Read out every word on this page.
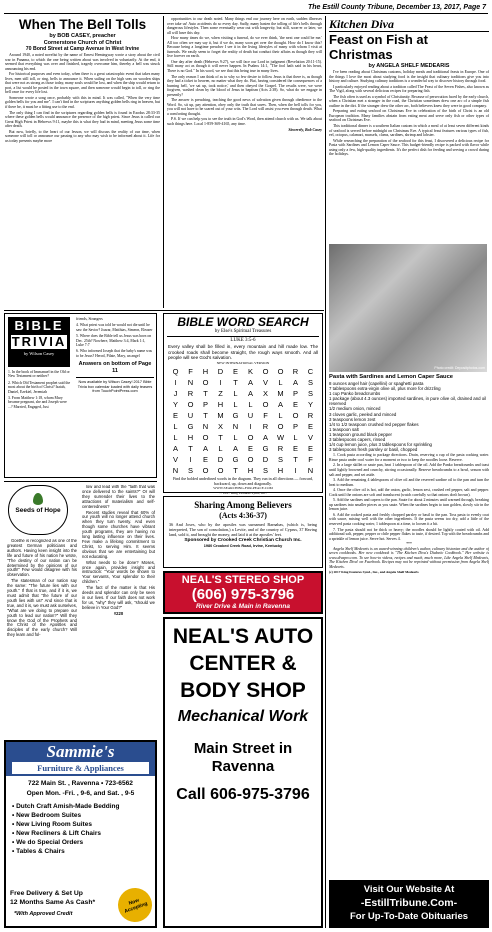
The Estill County Tribune, December 13, 2017, Page 7
When The Bell Tolls
by BOB CASEY, preacher
Cornerstone Church of Christ
70 Bond Street at Camp Avenue in West Irvine

Around 1940, a noted novelist by the name of Ernest Hemingway wrote a story about the civil war in Panama, to which the one being written about was involved in voluntarily. At the end, it seemed that everything was over and finished, tragedy overcame him, thereby a bell was struck announcing his end.

For historical purposes and even today, when there is a great catastrophic event that takes many lives, men still toll, or ring, bells to announce it. When sailing on the high seas on wooden ships that were not as strong as those today, many souls would be lost, and when the ship would return to port, a list would be posted in the town square, and then someone would begin to toll, or ring the bell once for every life lost.

Someone wrote a song once, probably with this in mind. It was called, "When the very time golden bells for you and me". I can't find in the scriptures anything golden bells ring in heaven, but if there be, it must be a fitting use to the end.

The only thing I can find in the scriptures regarding golden bells is found in Exodus 28:33-35 where these golden bells would announce the presence of the high priest. Since Jesus is called our Great High Priest in Hebrews 9:11, maybe this is what they had in mind, meeting Jesus some time after death.

But now, briefly, to the heart of our lesson, we will discuss the reality of our time, when someone will toll or announce our passing to any who may wish to be informed about it. Life for us today presents maybe more

opportunities to our death noted. Many things end our journey here on earth, sudden illnesses over take us! Auto accidents do so every day. Sadly, many hasten the tolling of life's bells through dangerous lifestyles. Then some eventually wear out with longevity, but still, soon-er or later, we all will have this day.

How many times do we, when visiting a funeral, do we ever think, 'the next one could be me.' All too often we may say it, but if we do, many soon get over the thought. How do I know this? Because being a longtime preacher I see it in the living lifestyles of many with whom I visit at funerals. We easily seem to forget the reality of death but conduct their affairs as though they will live forever on earth.

One day after death (Hebrews 9:27), we will face our Lord in judgment (Revelation 20:11-15). Still many act as though it will never happen. In Psalms 14:1, "The fool hath said in his heart, There is no God." In his word, we see that this being true in many lives.

The only reason I can think of as to why so few desire to follow Jesus is that there is, as though they had a ticket to heaven, no matter what they do. But, having considered the consequences of a burning hell, 'we sat up, took notice,' and then obeyed the Gospel. The results were, we were forgiven, washed clean by the blood of Jesus in baptism (Acts 2:38). So, what do we engage in presently?

The answer is preaching, teaching the good news of salvation given through obedience to the Word. So, sit up, pay attention, obey only the truth that saves. Then, when the bell tolls for you, you will not have to be scared out of your wits. The Lord will assist you even through death. What a comforting thought.

P.S. If we can help you to see the truth in God's Word, then attend church with us. We talk about such things here. Local 1-859-369-4165, any time.

Sincerely, Bob Casey
BIBLE
TRIVIA
by Wilson Casey
1. In the book of Immanuel in the Old or New Testament or neither?
2. Which Old Testament prophet said the most about the birth of Christ? Isaiah, Daniel, Ezekiel, Jeremiah
3. From Matthew 1:18, whom Mary became pregnant, she and Joseph were ...? Married, Engaged, Just
friends, Strangers
4. What priest was told he would not die until he saw the Savior? Joazar, Matthias, Simeon, Eleazer
5. Where does the Bible tell us Jesus was born on Dec. 25th? Nowhere, Matthew 3:4, Mark 1:1, Luke 7:7
6. Who informed Joseph that the baby's name was to be Jesus? Herod, Pilate, Mary, an angel
Answers on bottom of Page 11
Now available by Wilson Casey! 2017 Bible Trivia box calendar loaded with daily teasers from TouchPointPress.com
Seeds of Hope

Goethe is recognized as one of the greatest German politicians and authors. Having keen insight into the life and future of his nation he wrote, "The destiny of our nation can be determined by the opinions of our youth!" Few would disagree with his observation.

The statesman of our nation say the same: "The future lies with our youth." If that is true, and if it is, we must admit that "the future of our youth lies with us!" And since that is true, and it is, we must ask ourselves, "What are we doing to prepare our youth to lead our nation?" Will they know the God of the Prophets and the Christ of the Apostles and disciples of the early church? Will they learn and fol-

low and lead with the "faith that was once delivered to the saints?" Or will they surrender their lives to the attractions of materialism and self-centeredness?

Recent studies reveal that 60% of our youth will no longer attend church when they turn twenty. And even though some churches have vibrant youth programs, they are having no long lasting influence on their lives. Few make a lifelong commitment to Christ, to serving Him. It seems obvious that we are entertaining but not educating.

What needs to be done? Moses, once again, provides insight and instruction: "Your words be shown to Your servants, Your splendor to their children."

The fact of the matter is that His deeds and splendor can only be seen in our lives. If our faith does not work for us, "why" they will ask, "should we believe in Your God?"

#220
BIBLE WORD SEARCH
by Else's Spiritual Treasures
LUKE 3:5-6
Every valley shall be filled in, every mountain and hill made low. The crooked roads shall become straight, the rough ways smooth. And all people will see God's salvation.
NEW INTERNATIONAL VERSION
Q	F	H	D	E	K	O	O	R	C
I	N	O	I	T	A	V	L	A	S
J	R	T	Z	L	A	X	M	P	S
Y	O	P	H	L	L	O	A	E	Y
E	U	T	M	G	U	F	L	O	R
L	G	N	X	N	I	R	O	P	E
L	H	O	T	L	O	A	W	L	V
A	T	A	L	A	E	G	R	E	E
V	I	E	D	G	O	D	S	T	F
N	S	O	O	T	H	S	H	I	N
Find the bolded underlined words in the diagram. They run in all directions — forward, backward, up, down and diagonally.
WWW.SEARCHING-FOR-PEACE.COM
© 2017 King Features Synd., Inc.
Sharing Among Believers
(Acts 4:36-37)
36 And Joses, who by the apostles was surnamed Barnabas, (which is, being interpreted, The son of consolation,) a Levite, and of the country of Cyprus, 37 Having land, sold it, and brought the money, and laid it at the apostles' feet.
Sponsored by Crooked Creek Christian Church Inc.
1980 Crooked Creek Road, Irvine, Kentucky
NEAL'S STEREO SHOP
(606) 975-3796
River Drive & Main in Ravenna
Sammie's
Furniture & Appliances
722 Main St. , Ravenna • 723-6562
Open Mon. -Fri. , 9-6, and Sat. , 9-5
• Dutch Craft Amish-Made Bedding
• New Bedroom Suites
• New Living Room Suites
• New Recliners & Lift Chairs
• We do Special Orders
• Tables & Chairs
Free Delivery & Set Up
12 Months Same As Cash*
*With Approved Credit
Now Accepting
NEAL'S AUTO
CENTER &
BODY SHOP
Mechanical Work
Main Street in Ravenna
Call 606-975-3796
Kitchen Diva
Feast on Fish at Christmas
by ANGELA SHELF MEDEARIS

I've been reading about Christmas customs, holiday meals and traditional feasts in Europe. One of the things I love the most about studying food is the insight that culinary traditions give you into history and culture. Studying culinary traditions is a wonderful way to discover history through food.

I particularly enjoyed reading about a tradition called The Feast of the Seven Fishes, also known as The Vigil, along with several delicious recipes for preparing fish.

The fish often is used as a symbol of Christianity. Because of persecution faced by the early church, when a Christian met a stranger in the road, the Christian sometimes drew one arc of a simple fish outline in the dirt. If the stranger drew the other arc, both believers knew they were in good company.

Preparing and eating seafood on Christmas Eve in celebration of the birth of Christ is an old European tradition. Many families abstain from eating meat and serve only fish or other types of seafood on Christmas Eve.

This traditional dinner is a southern Italian custom in which a meal of at least seven different kinds of seafood is served before midnight on Christmas Eve. A typical feast features various types of fish, eel, octopus, calamari, mussels, clams, sardines, shrimp and lobster.

While researching the preparation of the seafood for this feast, I discovered a delicious recipe for Pasta with Sardines and Lemon Caper Sauce. This budget-friendly recipe is packed with flavor while using only a few, high-quality ingredients. It's the perfect dish for feeding and serving a crowd during the holidays.

Photo credit: Depositphotos.com
Pasta with Sardines and Lemon Caper Sauce
8 ounces angel hair (capellini) or spaghetti pasta
7 tablespoons extra-virgin olive oil, plus more for drizzling
1 cup Panko breadcrumbs
1 package (about 4.3 ounces) imported sardines, in pure olive oil, drained and oil reserved
1/2 medium onion, minced
3 cloves garlic, peeled and minced
3 teaspoons lemon zest
1/4 to 1/2 teaspoon crushed red pepper flakes
1 teaspoon salt
1 teaspoon ground black pepper
3 tablespoons capers, rinsed
1/4 cup lemon juice, plus 3 tablespoons for sprinkling
3 tablespoons fresh parsley or basil, chopped

1. Cook pasta according to package directions. Drain, reserving a cup of the pasta cooking water. Rinse pasta under cool water for a moment or two to keep the noodles loose. Reserve.

2. In a large skillet or saute pan, heat 1 tablespoon of the oil. Add the Panko breadcrumbs and toast until lightly browned and crunchy, stirring occasionally. Reserve breadcrumbs to a bowl, season with salt and pepper, and set aside.

3. Add the remaining 4 tablespoons of olive oil and the reserved sardine oil to the pan and turn the heat to medium.

4. Once the olive oil is hot, add the onion, garlic, lemon zest, crushed red pepper, salt and pepper. Cook until the onions are soft and translucent (watch carefully so that onions don't brown).

5. Add the sardines and capers to the pan. Saute for about 2 minutes until warmed through, breaking up sardines into smaller pieces as you saute. When the sardines begin to turn golden, slowly stir in the lemon juice.

6. Add the cooked pasta and freshly chopped parsley or basil to the pan. Toss pasta to evenly coat with sauce, mixing well with the other ingredients. If the pasta seems too dry, add a little of the reserved pasta cooking water, 1 tablespoon at a time, to loosen it a bit.

7. The pasta should not be thick or heavy; the noodles should be lightly coated with oil. Add additional salt, pepper, pepper or chile pepper flakes to taste, if desired. Top with the breadcrumbs and a sprinkle of lemon juice. Serve hot. Serves 4.

***

Angela Shelf Medearis is an award-winning children's author, culinary historian and the author of seven cookbooks. Her new cookbook is "The Kitchen Diva's Diabetic Cookbook." Her website is www.divapro.com. To see how-to videos, recipes and much, much more, Like Angela Shelf Medearis, The Kitchen Diva! on Facebook. Recipes may not be reprinted without permission from Angela Shelf Medearis.

(c) 2017 King Features Synd., Inc., and Angela Shelf Medearis
Visit Our Website At
-EstillTribune.Com-
For Up-To-Date Obituaries
